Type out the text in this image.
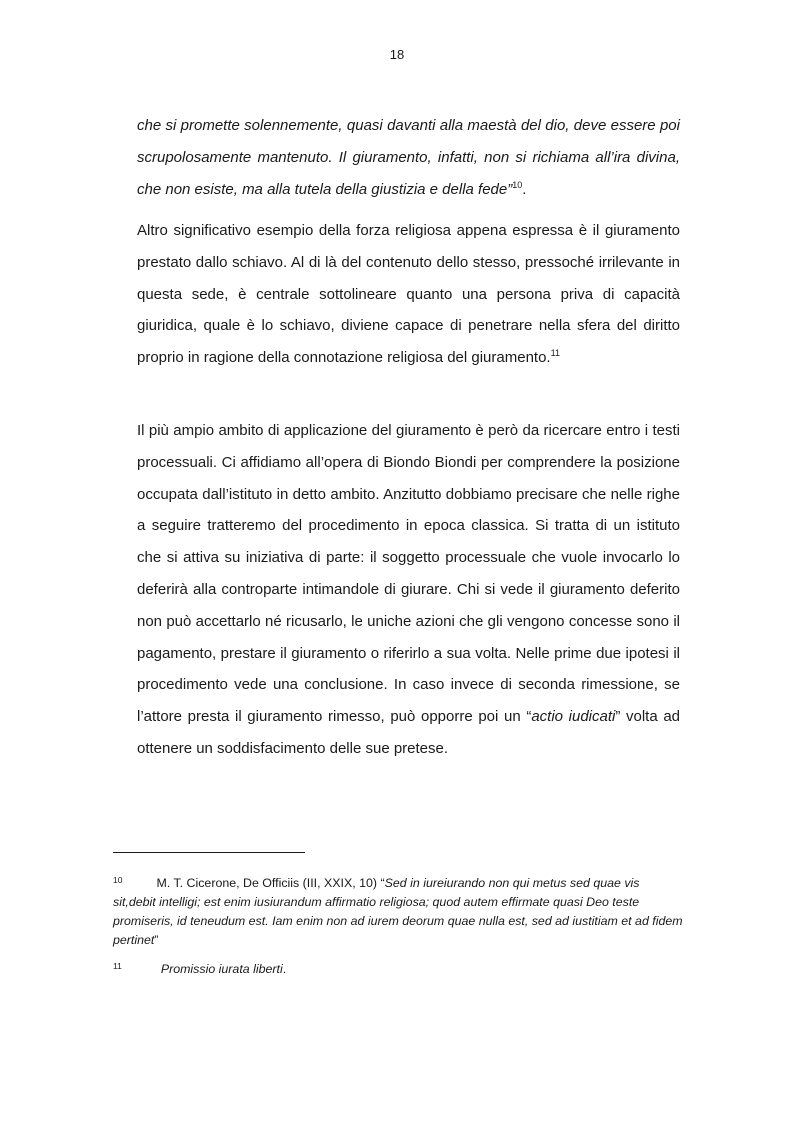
18

che si promette solennemente, quasi davanti alla maestà del dio, deve essere poi scrupolosamente mantenuto. Il giuramento, infatti, non si richiama all’ira divina, che non esiste, ma alla tutela della giustizia e della fede”$^{10}$.

Altro significativo esempio della forza religiosa appena espressa è il giuramento prestato dallo schiavo. Al di là del contenuto dello stesso, pressoché irrilevante in questa sede, è centrale sottolineare quanto una persona priva di capacità giuridica, quale è lo schiavo, diviene capace di penetrare nella sfera del diritto proprio in ragione della connotazione religiosa del giuramento.$^{11}$

Il più ampio ambito di applicazione del giuramento è però da ricercare entro i testi processuali. Ci affidiamo all’opera di Biondo Biondi per comprendere la posizione occupata dall’istituto in detto ambito. Anzitutto dobbiamo precisare che nelle righe a seguire tratteremo del procedimento in epoca classica. Si tratta di un istituto che si attiva su iniziativa di parte: il soggetto processuale che vuole invocarlo lo deferirà alla controparte intimandole di giurare. Chi si vede il giuramento deferito non può accettarlo né ricusarlo, le uniche azioni che gli vengono concesse sono il pagamento, prestare il giuramento o riferirlo a sua volta. Nelle prime due ipotesi il procedimento vede una conclusione. In caso invece di seconda rimessione, se l’attore presta il giuramento rimesso, può opporre poi un “actio iudicati” volta ad ottenere un soddisfacimento delle sue pretese.

$^{10}$	M. T. Cicerone, De Officiis (III, XXIX, 10) “Sed in iureiurando non qui metus sed quae vis sit,debit intelligi; est enim iusiurandum affirmatio religiosa; quod autem effirmate quasi Deo teste promiseris, id teneudum est. Iam enim non ad iurem deorum quae nulla est, sed ad iustitiam et ad fidem pertinet”
$^{11}$	Promissio iurata liberti.
